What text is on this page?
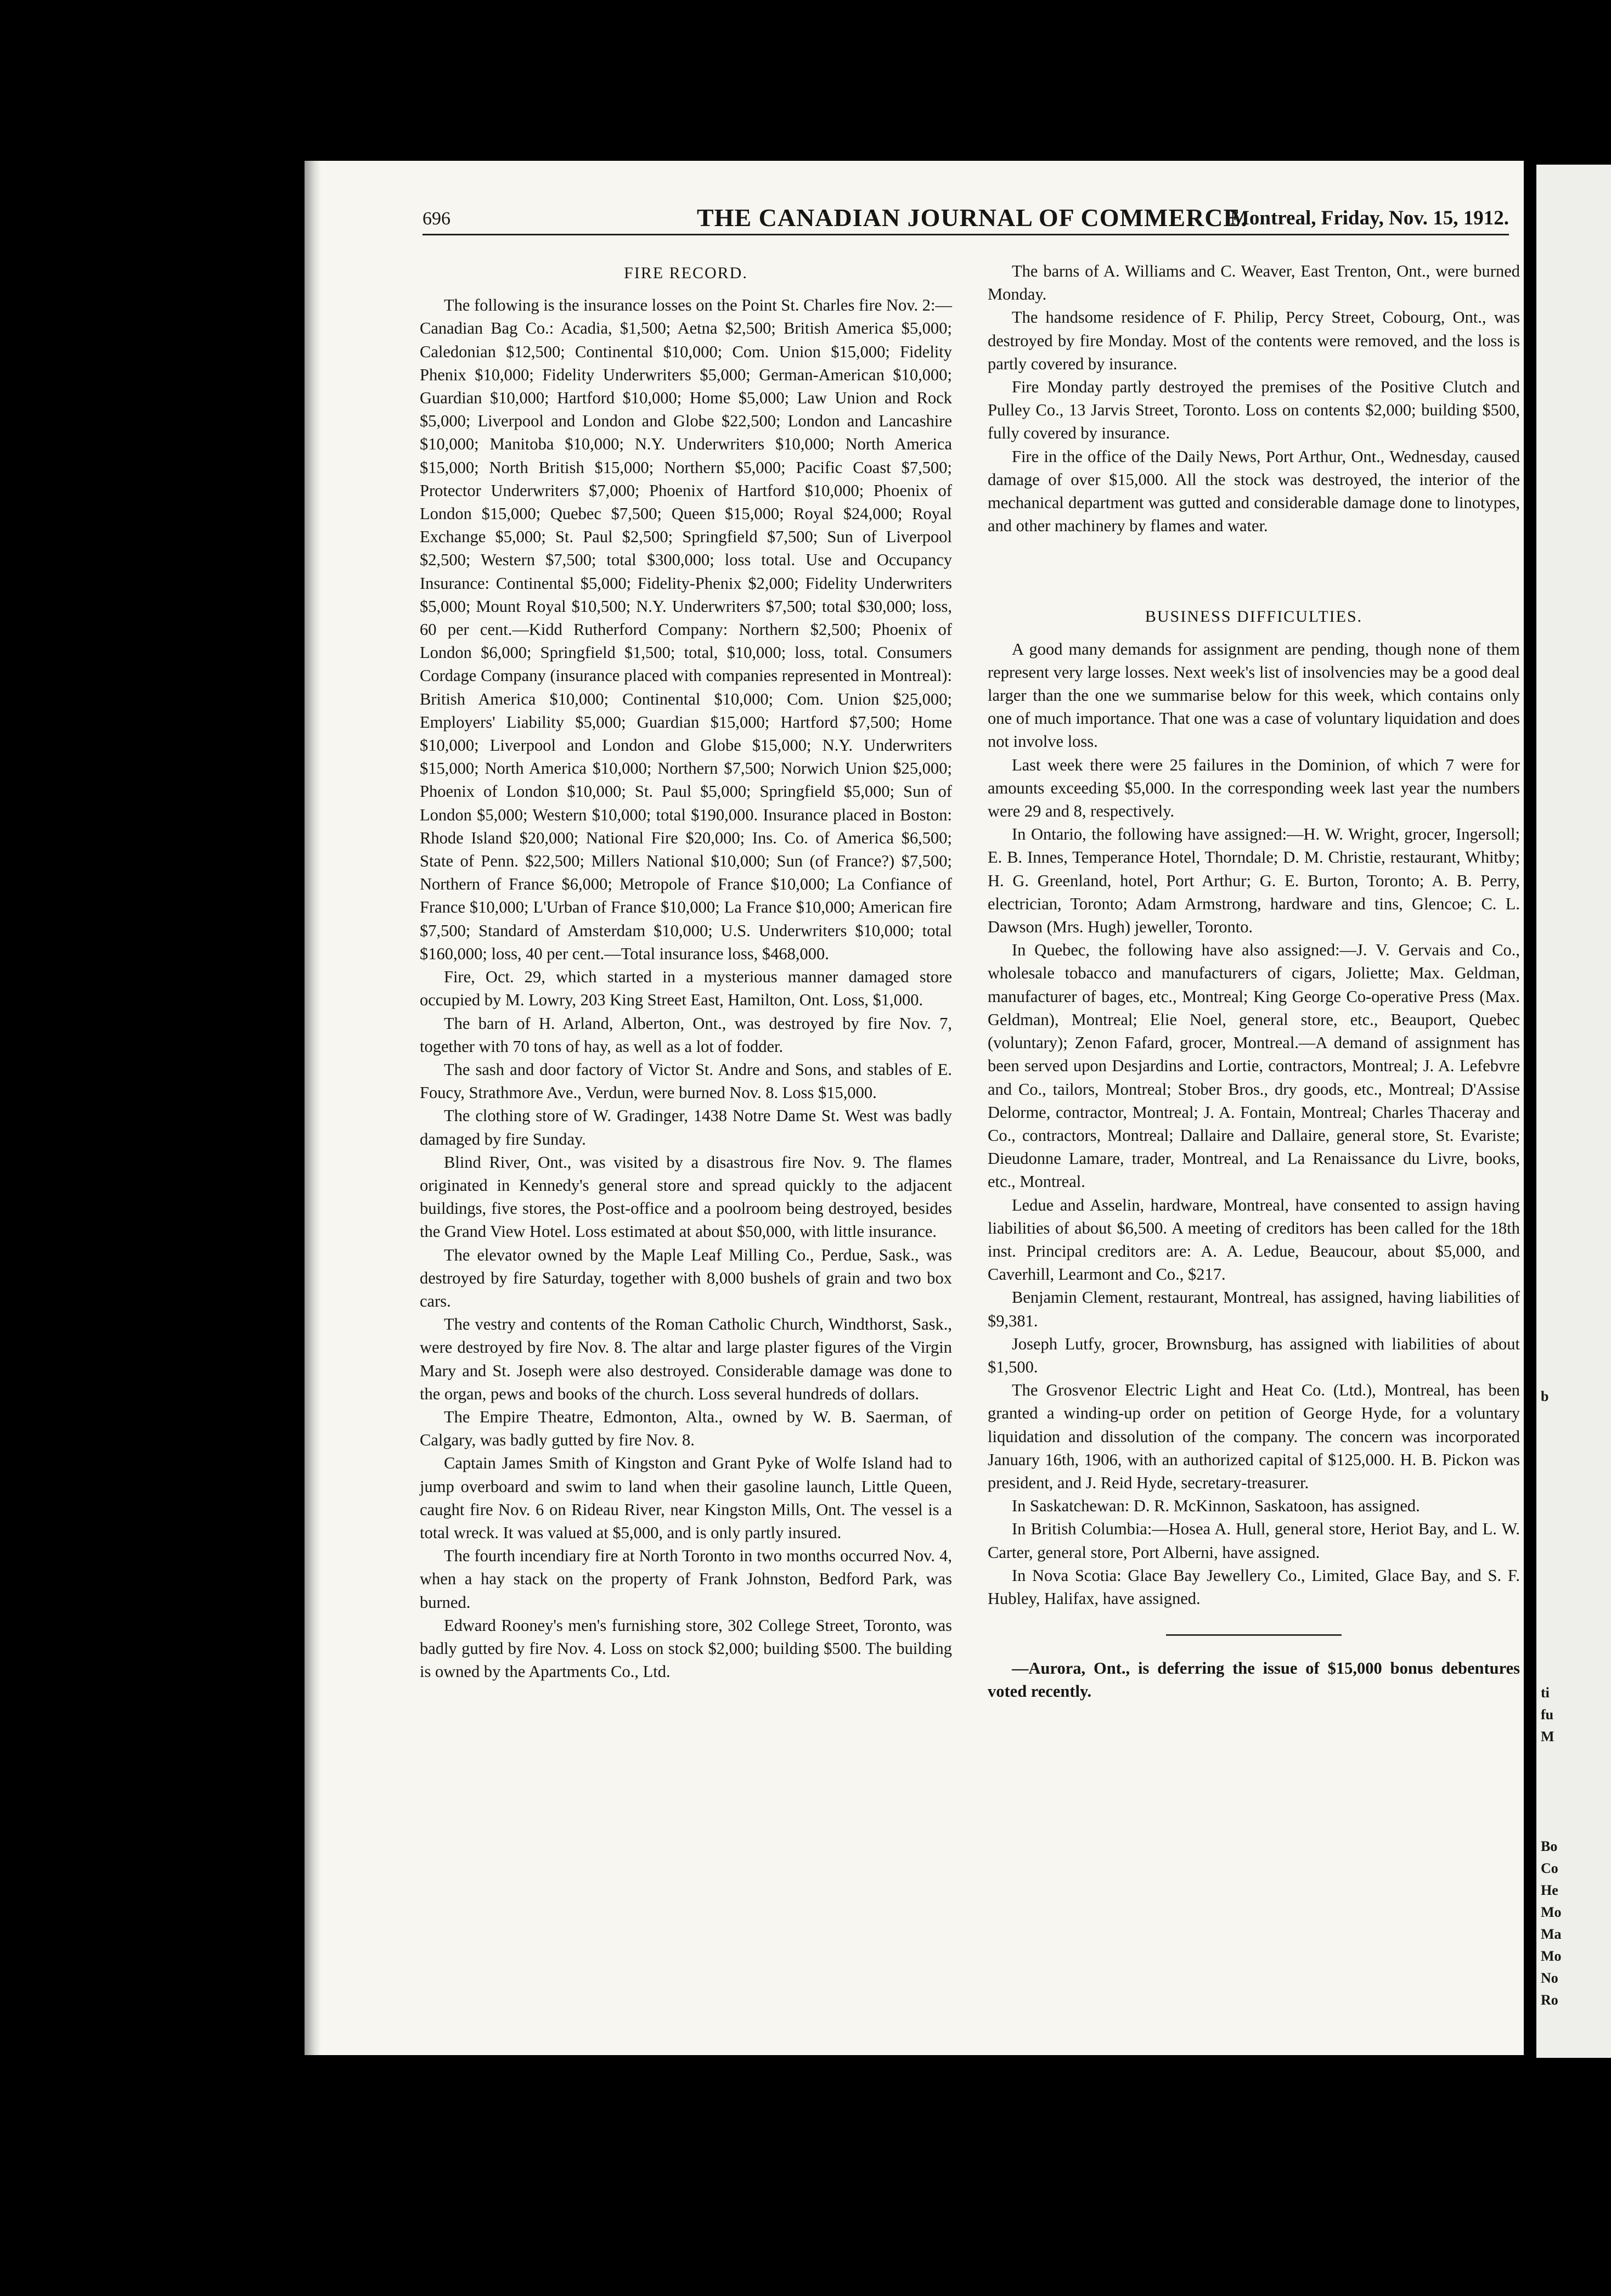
696	THE CANADIAN JOURNAL OF COMMERCE.
Montreal, Friday, Nov. 15, 1912.

FIRE RECORD.

The following is the insurance losses on the Point St. Charles fire Nov. 2:—Canadian Bag Co.: Acadia, $1,500; Aetna $2,500; British America $5,000; Caledonian $12,500; Continental $10,000; Com. Union $15,000; Fidelity Phenix $10,000; Fidelity Underwriters $5,000; German-American $10,000; Guardian $10,000; Hartford $10,000; Home $5,000; Law Union and Rock $5,000; Liverpool and London and Globe $22,500; London and Lancashire $10,000; Manitoba $10,000; N.Y. Underwriters $10,000; North America $15,000; North British $15,000; Northern $5,000; Pacific Coast $7,500; Protector Underwriters $7,000; Phoenix of Hartford $10,000; Phoenix of London $15,000; Quebec $7,500; Queen $15,000; Royal $24,000; Royal Exchange $5,000; St. Paul $2,500; Springfield $7,500; Sun of Liverpool $2,500; Western $7,500; total $300,000; loss total. Use and Occupancy Insurance: Continental $5,000; Fidelity-Phenix $2,000; Fidelity Underwriters $5,000; Mount Royal $10,500; N.Y. Underwriters $7,500; total $30,000; loss, 60 per cent.—Kidd Rutherford Company: Northern $2,500; Phoenix of London $6,000; Springfield $1,500; total, $10,000; loss, total. Consumers Cordage Company (insurance placed with companies represented in Montreal): British America $10,000; Continental $10,000; Com. Union $25,000; Employers' Liability $5,000; Guardian $15,000; Hartford $7,500; Home $10,000; Liverpool and London and Globe $15,000; N.Y. Underwriters $15,000; North America $10,000; Northern $7,500; Norwich Union $25,000; Phoenix of London $10,000; St. Paul $5,000; Springfield $5,000; Sun of London $5,000; Western $10,000; total $190,000. Insurance placed in Boston: Rhode Island $20,000; National Fire $20,000; Ins. Co. of America $6,500; State of Penn. $22,500; Millers National $10,000; Sun (of France?) $7,500; Northern of France $6,000; Metropole of France $10,000; La Confiance of France $10,000; L'Urban of France $10,000; La France $10,000; American fire $7,500; Standard of Amsterdam $10,000; U.S. Underwriters $10,000; total $160,000; loss, 40 per cent.—Total insurance loss, $468,000.

Fire, Oct. 29, which started in a mysterious manner damaged store occupied by M. Lowry, 203 King Street East, Hamilton, Ont. Loss, $1,000.

The barn of H. Arland, Alberton, Ont., was destroyed by fire Nov. 7, together with 70 tons of hay, as well as a lot of fodder.

The sash and door factory of Victor St. Andre and Sons, and stables of E. Foucy, Strathmore Ave., Verdun, were burned Nov. 8. Loss $15,000.

The clothing store of W. Gradinger, 1438 Notre Dame St. West was badly damaged by fire Sunday.

Blind River, Ont., was visited by a disastrous fire Nov. 9. The flames originated in Kennedy's general store and spread quickly to the adjacent buildings, five stores, the Post-office and a poolroom being destroyed, besides the Grand View Hotel. Loss estimated at about $50,000, with little insurance.

The elevator owned by the Maple Leaf Milling Co., Perdue, Sask., was destroyed by fire Saturday, together with 8,000 bushels of grain and two box cars.

The vestry and contents of the Roman Catholic Church, Windthorst, Sask., were destroyed by fire Nov. 8. The altar and large plaster figures of the Virgin Mary and St. Joseph were also destroyed. Considerable damage was done to the organ, pews and books of the church. Loss several hundreds of dollars.

The Empire Theatre, Edmonton, Alta., owned by W. B. Saerman, of Calgary, was badly gutted by fire Nov. 8.

Captain James Smith of Kingston and Grant Pyke of Wolfe Island had to jump overboard and swim to land when their gasoline launch, Little Queen, caught fire Nov. 6 on Rideau River, near Kingston Mills, Ont. The vessel is a total wreck. It was valued at $5,000, and is only partly insured.

The fourth incendiary fire at North Toronto in two months occurred Nov. 4, when a hay stack on the property of Frank Johnston, Bedford Park, was burned.

Edward Rooney's men's furnishing store, 302 College Street, Toronto, was badly gutted by fire Nov. 4. Loss on stock $2,000; building $500. The building is owned by the Apartments Co., Ltd.

The barns of A. Williams and C. Weaver, East Trenton, Ont., were burned Monday.

The handsome residence of F. Philip, Percy Street, Cobourg, Ont., was destroyed by fire Monday. Most of the contents were removed, and the loss is partly covered by insurance.

Fire Monday partly destroyed the premises of the Positive Clutch and Pulley Co., 13 Jarvis Street, Toronto. Loss on contents $2,000; building $500, fully covered by insurance.

Fire in the office of the Daily News, Port Arthur, Ont., Wednesday, caused damage of over $15,000. All the stock was destroyed, the interior of the mechanical department was gutted and considerable damage done to linotypes, and other machinery by flames and water.

BUSINESS DIFFICULTIES.

A good many demands for assignment are pending, though none of them represent very large losses. Next week's list of insolvencies may be a good deal larger than the one we summarise below for this week, which contains only one of much importance. That one was a case of voluntary liquidation and does not involve loss.

Last week there were 25 failures in the Dominion, of which 7 were for amounts exceeding $5,000. In the corresponding week last year the numbers were 29 and 8, respectively.

In Ontario, the following have assigned:—H. W. Wright, grocer, Ingersoll; E. B. Innes, Temperance Hotel, Thorndale; D. M. Christie, restaurant, Whitby; H. G. Greenland, hotel, Port Arthur; G. E. Burton, Toronto; A. B. Perry, electrician, Toronto; Adam Armstrong, hardware and tins, Glencoe; C. L. Dawson (Mrs. Hugh) jeweller, Toronto.

In Quebec, the following have also assigned:—J. V. Gervais and Co., wholesale tobacco and manufacturers of cigars, Joliette; Max. Geldman, manufacturer of bages, etc., Montreal; King George Co-operative Press (Max. Geldman), Montreal; Elie Noel, general store, etc., Beauport, Quebec (voluntary); Zenon Fafard, grocer, Montreal.—A demand of assignment has been served upon Desjardins and Lortie, contractors, Montreal; J. A. Lefebvre and Co., tailors, Montreal; Stober Bros., dry goods, etc., Montreal; D'Assise Delorme, contractor, Montreal; J. A. Fontain, Montreal; Charles Thaceray and Co., contractors, Montreal; Dallaire and Dallaire, general store, St. Evariste; Dieudonne Lamare, trader, Montreal, and La Renaissance du Livre, books, etc., Montreal.

Ledue and Asselin, hardware, Montreal, have consented to assign having liabilities of about $6,500. A meeting of creditors has been called for the 18th inst. Principal creditors are: A. A. Ledue, Beaucour, about $5,000, and Caverhill, Learmont and Co., $217.

Benjamin Clement, restaurant, Montreal, has assigned, having liabilities of $9,381.

Joseph Lutfy, grocer, Brownsburg, has assigned with liabilities of about $1,500.

The Grosvenor Electric Light and Heat Co. (Ltd.), Montreal, has been granted a winding-up order on petition of George Hyde, for a voluntary liquidation and dissolution of the company. The concern was incorporated January 16th, 1906, with an authorized capital of $125,000. H. B. Pickon was president, and J. Reid Hyde, secretary-treasurer.

In Saskatchewan: D. R. McKinnon, Saskatoon, has assigned.

In British Columbia:—Hosea A. Hull, general store, Heriot Bay, and L. W. Carter, general store, Port Alberni, have assigned.

In Nova Scotia: Glace Bay Jewellery Co., Limited, Glace Bay, and S. F. Hubley, Halifax, have assigned.

—Aurora, Ont., is deferring the issue of $15,000 bonus debentures voted recently.

b
ti
fu
M
Bo
Co
He
Mo
Ma
Mo
No
Ro
